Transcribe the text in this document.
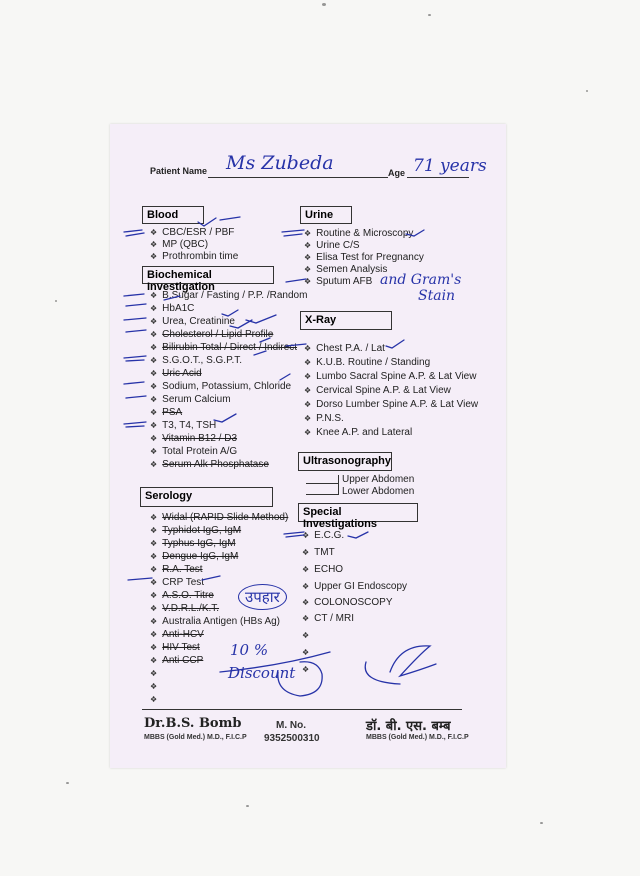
Patient Name Ms Zubeda	Age 71 years
Blood
❖ CBC/ESR / PBF
❖ MP (QBC)
❖ Prothrombin time
Biochemical Investigation
❖ B.Sugar / Fasting / P.P. /Random
❖ HbA1C
❖ Urea, Creatinine
❖ Cholesterol / Lipid Profile
❖ Bilirubin Total / Direct / Indirect
❖ S.G.O.T., S.G.P.T.
❖ Uric Acid
❖ Sodium, Potassium, Chloride
❖ Serum Calcium
❖ PSA
❖ T3, T4, TSH
❖ Vitamin B12 / D3
❖ Total Protein A/G
❖ Serum Alk Phosphatase
Serology
❖ Widal (RAPID Slide Method)
❖ Typhidot IgG, IgM
❖ Typhus IgG, IgM
❖ Dengue IgG, IgM
❖ R.A. Test
❖ CRP Test
❖ A.S.O. Titre
❖ V.D.R.L./K.T.
❖ Australia Antigen (HBs Ag)
❖ Anti-HCV
❖ HIV Test
❖ Anti CCP
❖
❖
❖
Urine
❖ Routine & Microscopy
❖ Urine C/S
❖ Elisa Test for Pregnancy
❖ Semen Analysis
❖ Sputum AFB and Gram's
Stain
X-Ray
❖ Chest P.A. / Lat
❖ K.U.B. Routine / Standing
❖ Lumbo Sacral Spine A.P. & Lat View
❖ Cervical Spine A.P. & Lat View
❖ Dorso Lumber Spine A.P. & Lat View
❖ P.N.S.
❖ Knee A.P. and Lateral
Ultrasonography
Upper Abdomen
Lower Abdomen
Special Investigations
❖ E.C.G.
❖ TMT
❖ ECHO
❖ Upper GI Endoscopy
❖ COLONOSCOPY
❖ CT / MRI
❖
❖
❖
उपहार
10 %
Discount
Dr.B.S. Bomb
MBBS (Gold Med.) M.D., F.I.C.P
M. No.
9352500310
डॉ. बी. एस. बम्ब
MBBS (Gold Med.) M.D., F.I.C.P
